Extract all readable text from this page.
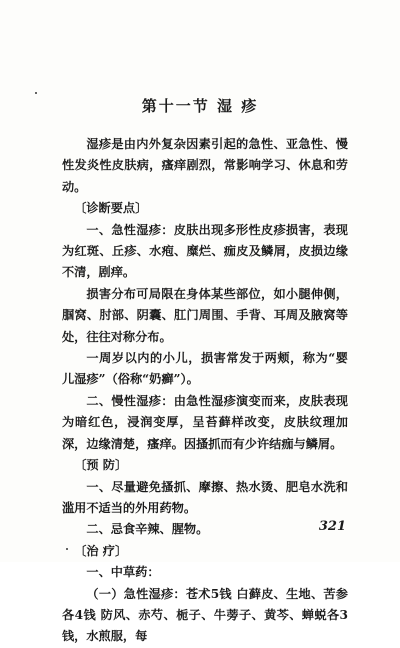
第十一节 湿 疹

湿疹是由内外复杂因素引起的急性、亚急性、慢性发炎性皮肤病，瘙痒剧烈，常影响学习、休息和劳动。

〔诊断要点〕

一、急性湿疹：皮肤出现多形性皮疹损害，表现为红斑、丘疹、水疱、糜烂、痂皮及鳞屑，皮损边缘不清，剧痒。

损害分布可局限在身体某些部位，如小腿伸侧，腘窝、肘部、阴囊、肛门周围、手背、耳周及腋窝等处，往往对称分布。

一周岁以内的小儿，损害常发于两颊，称为“婴儿湿疹”（俗称“奶癣”）。

二、慢性湿疹：由急性湿疹演变而来，皮肤表现为暗红色，浸润变厚，呈苔藓样改变，皮肤纹理加深，边缘清楚，瘙痒。因搔抓而有少许结痂与鳞屑。

〔预 防〕

一、尽量避免搔抓、摩擦、热水烫、肥皂水洗和滥用不适当的外用药物。

二、忌食辛辣、腥物。

〔治 疗〕

一、中草药：

（一）急性湿疹：苍术5钱 白藓皮、生地、苦参各4钱 防风、赤芍、栀子、牛蒡子、黄芩、蝉蜕各3钱，水煎服，每

321
